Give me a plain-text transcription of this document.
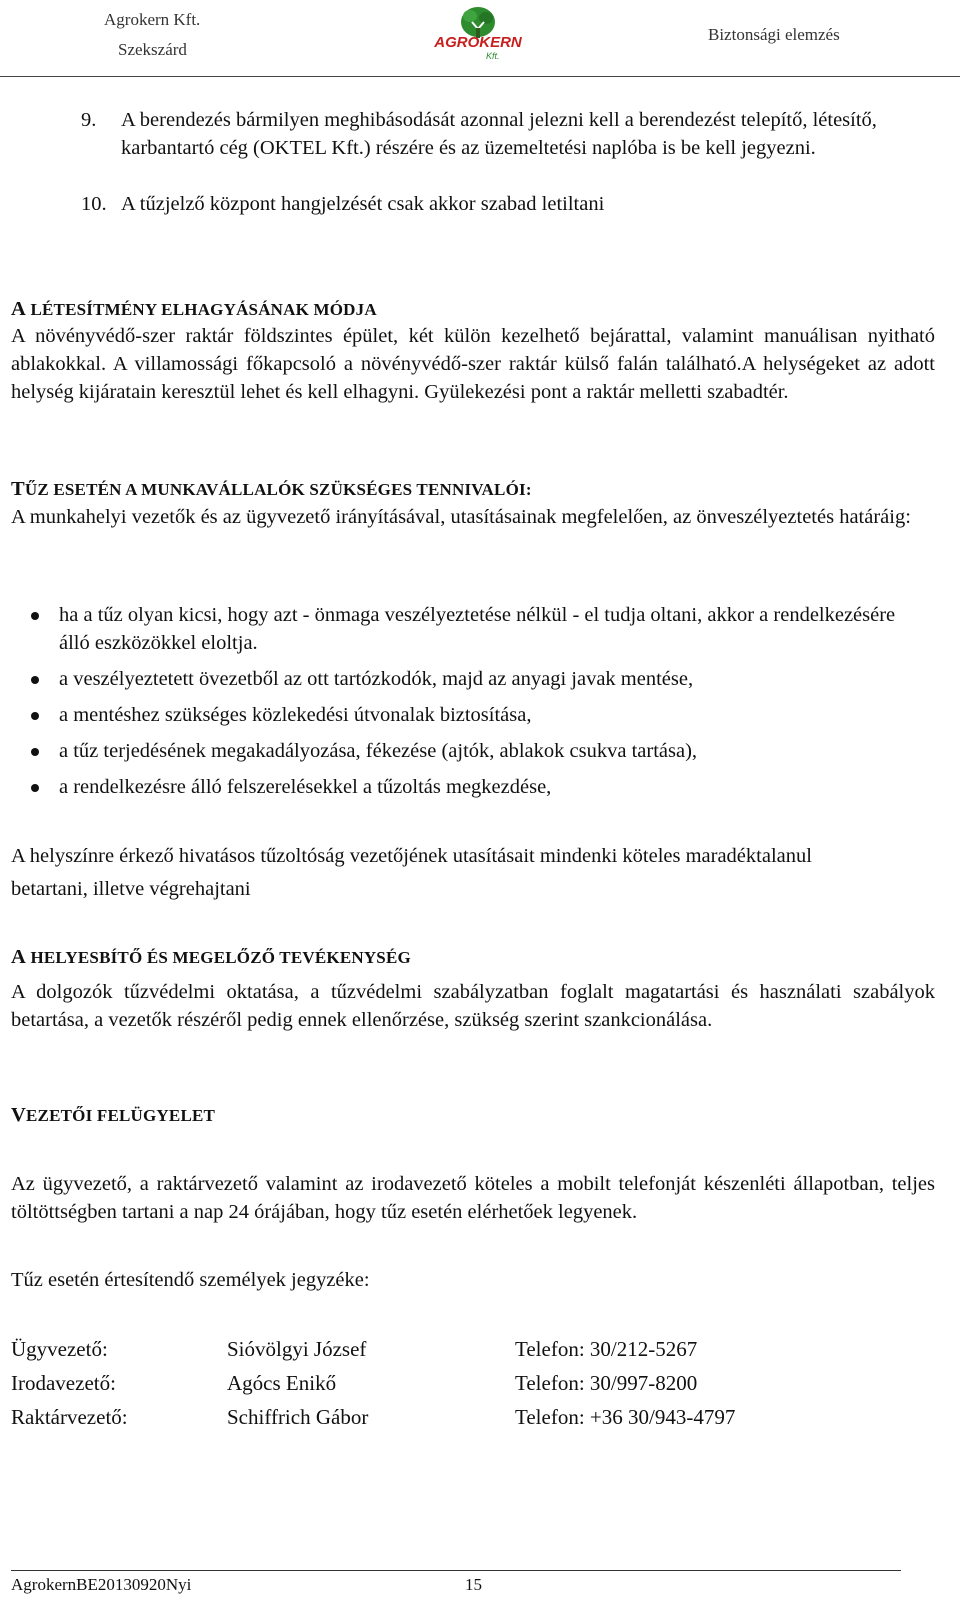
Agrokern Kft.
Szekszárd	AGROKERN
Kft.
Biztonsági elemzés
9.	A berendezés bármilyen meghibásodását azonnal jelezni kell a berendezést telepítő, létesítő, karbantartó cég (OKTEL Kft.) részére és az üzemeltetési naplóba is be kell jegyezni.
10. A tűzjelző központ hangjelzését csak akkor szabad letiltani
A LÉTESÍTMÉNY ELHAGYÁSÁNAK MÓDJA
A növényvédő-szer raktár földszintes épület, két külön kezelhető bejárattal, valamint manuálisan nyitható ablakokkal. A villamossági főkapcsoló a növényvédő-szer raktár külső falán található.A helységeket az adott helység kijáratain keresztül lehet és kell elhagyni. Gyülekezési pont a raktár melletti szabadtér.
TŰZ ESETÉN A MUNKAVÁLLALÓK SZÜKSÉGES TENNIVALÓI:
A munkahelyi vezetők és az ügyvezető irányításával, utasításainak megfelelően, az önveszélyeztetés határáig:
ha a tűz olyan kicsi, hogy azt - önmaga veszélyeztetése nélkül - el tudja oltani, akkor a rendelkezésére álló eszközökkel eloltja.
a veszélyeztetett övezetből az ott tartózkodók, majd az anyagi javak mentése,
a mentéshez szükséges közlekedési útvonalak biztosítása,
a tűz terjedésének megakadályozása, fékezése (ajtók, ablakok csukva tartása),
a rendelkezésre álló felszerelésekkel a tűzoltás megkezdése,
A helyszínre érkező hivatásos tűzoltóság vezetőjének utasításait mindenki köteles maradéktalanul betartani, illetve végrehajtani
A HELYESBÍTŐ ÉS MEGELŐZŐ TEVÉKENYSÉG
A dolgozók tűzvédelmi oktatása, a tűzvédelmi szabályzatban foglalt magatartási és használati szabályok betartása, a vezetők részéről pedig ennek ellenőrzése, szükség szerint szankcionálása.
VEZETŐI FELÜGYELET
Az ügyvezető, a raktárvezető valamint az irodavezető köteles a mobilt telefonját készenléti állapotban, teljes töltöttségben tartani a nap 24 órájában, hogy tűz esetén elérhetőek legyenek.
Tűz esetén értesítendő személyek jegyzéke:
Ügyvezető:	Sióvölgyi József	Telefon: 30/212-5267
Irodavezető:	Agócs Enikő	Telefon: 30/997-8200
Raktárvezető:	Schiffrich Gábor	Telefon: +36 30/943-4797
AgrokernBE20130920Nyi	15
